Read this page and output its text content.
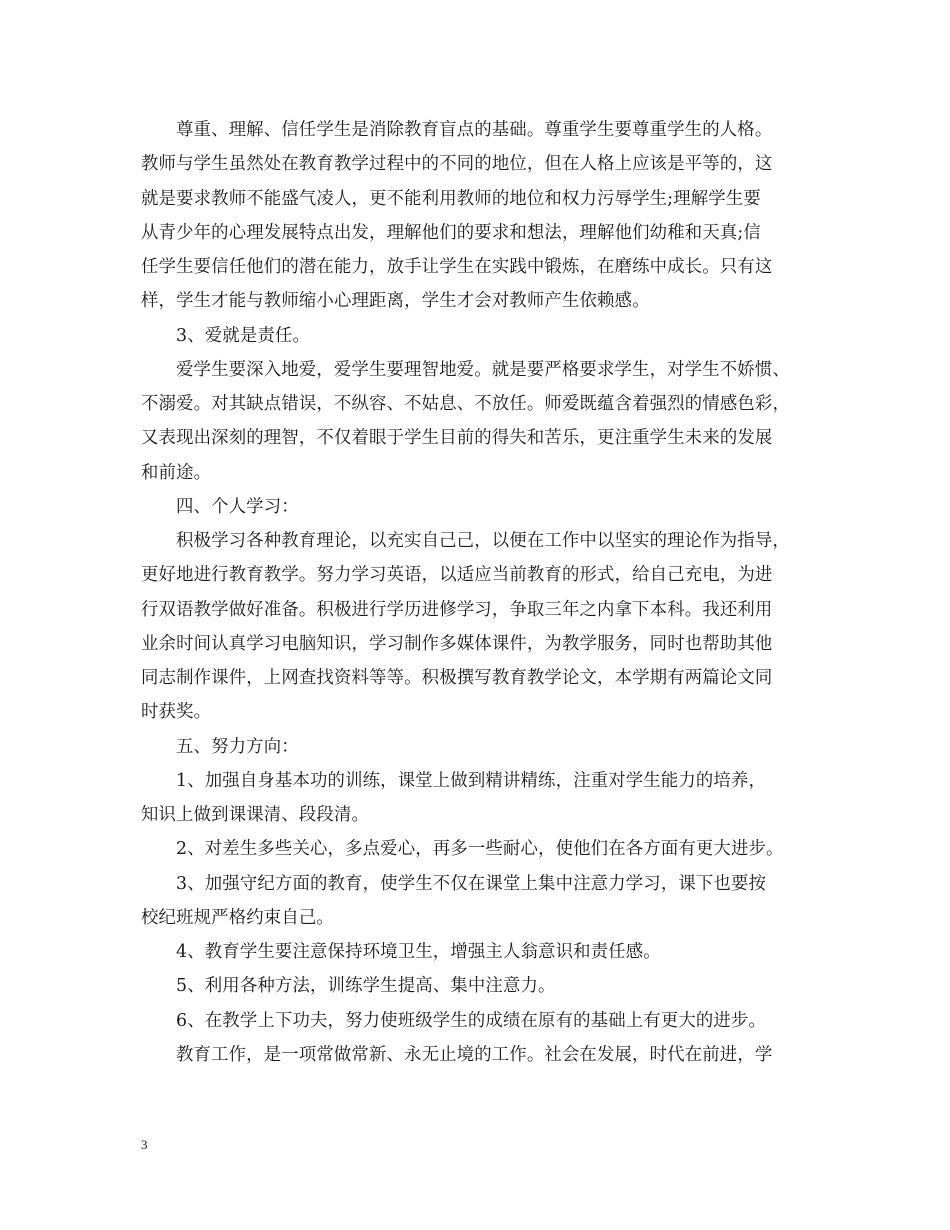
尊重、理解、信任学生是消除教育盲点的基础。尊重学生要尊重学生的人格。
教师与学生虽然处在教育教学过程中的不同的地位，但在人格上应该是平等的，这
就是要求教师不能盛气凌人，更不能利用教师的地位和权力污辱学生;理解学生要
从青少年的心理发展特点出发，理解他们的要求和想法，理解他们幼稚和天真;信
任学生要信任他们的潜在能力，放手让学生在实践中锻炼，在磨练中成长。只有这
样，学生才能与教师缩小心理距离，学生才会对教师产生依赖感。
3、爱就是责任。
爱学生要深入地爱，爱学生要理智地爱。就是要严格要求学生，对学生不娇惯、
不溺爱。对其缺点错误，不纵容、不姑息、不放任。师爱既蕴含着强烈的情感色彩，
又表现出深刻的理智，不仅着眼于学生目前的得失和苦乐，更注重学生未来的发展
和前途。
四、个人学习：
积极学习各种教育理论，以充实自己己，以便在工作中以坚实的理论作为指导，
更好地进行教育教学。努力学习英语，以适应当前教育的形式，给自己充电，为进
行双语教学做好准备。积极进行学历进修学习，争取三年之内拿下本科。我还利用
业余时间认真学习电脑知识，学习制作多媒体课件，为教学服务，同时也帮助其他
同志制作课件，上网查找资料等等。积极撰写教育教学论文，本学期有两篇论文同
时获奖。
五、努力方向：
1、加强自身基本功的训练，课堂上做到精讲精练，注重对学生能力的培养，
知识上做到课课清、段段清。
2、对差生多些关心，多点爱心，再多一些耐心，使他们在各方面有更大进步。
3、加强守纪方面的教育，使学生不仅在课堂上集中注意力学习，课下也要按
校纪班规严格约束自己。
4、教育学生要注意保持环境卫生，增强主人翁意识和责任感。
5、利用各种方法，训练学生提高、集中注意力。
6、在教学上下功夫，努力使班级学生的成绩在原有的基础上有更大的进步。
教育工作，是一项常做常新、永无止境的工作。社会在发展，时代在前进，学
3
